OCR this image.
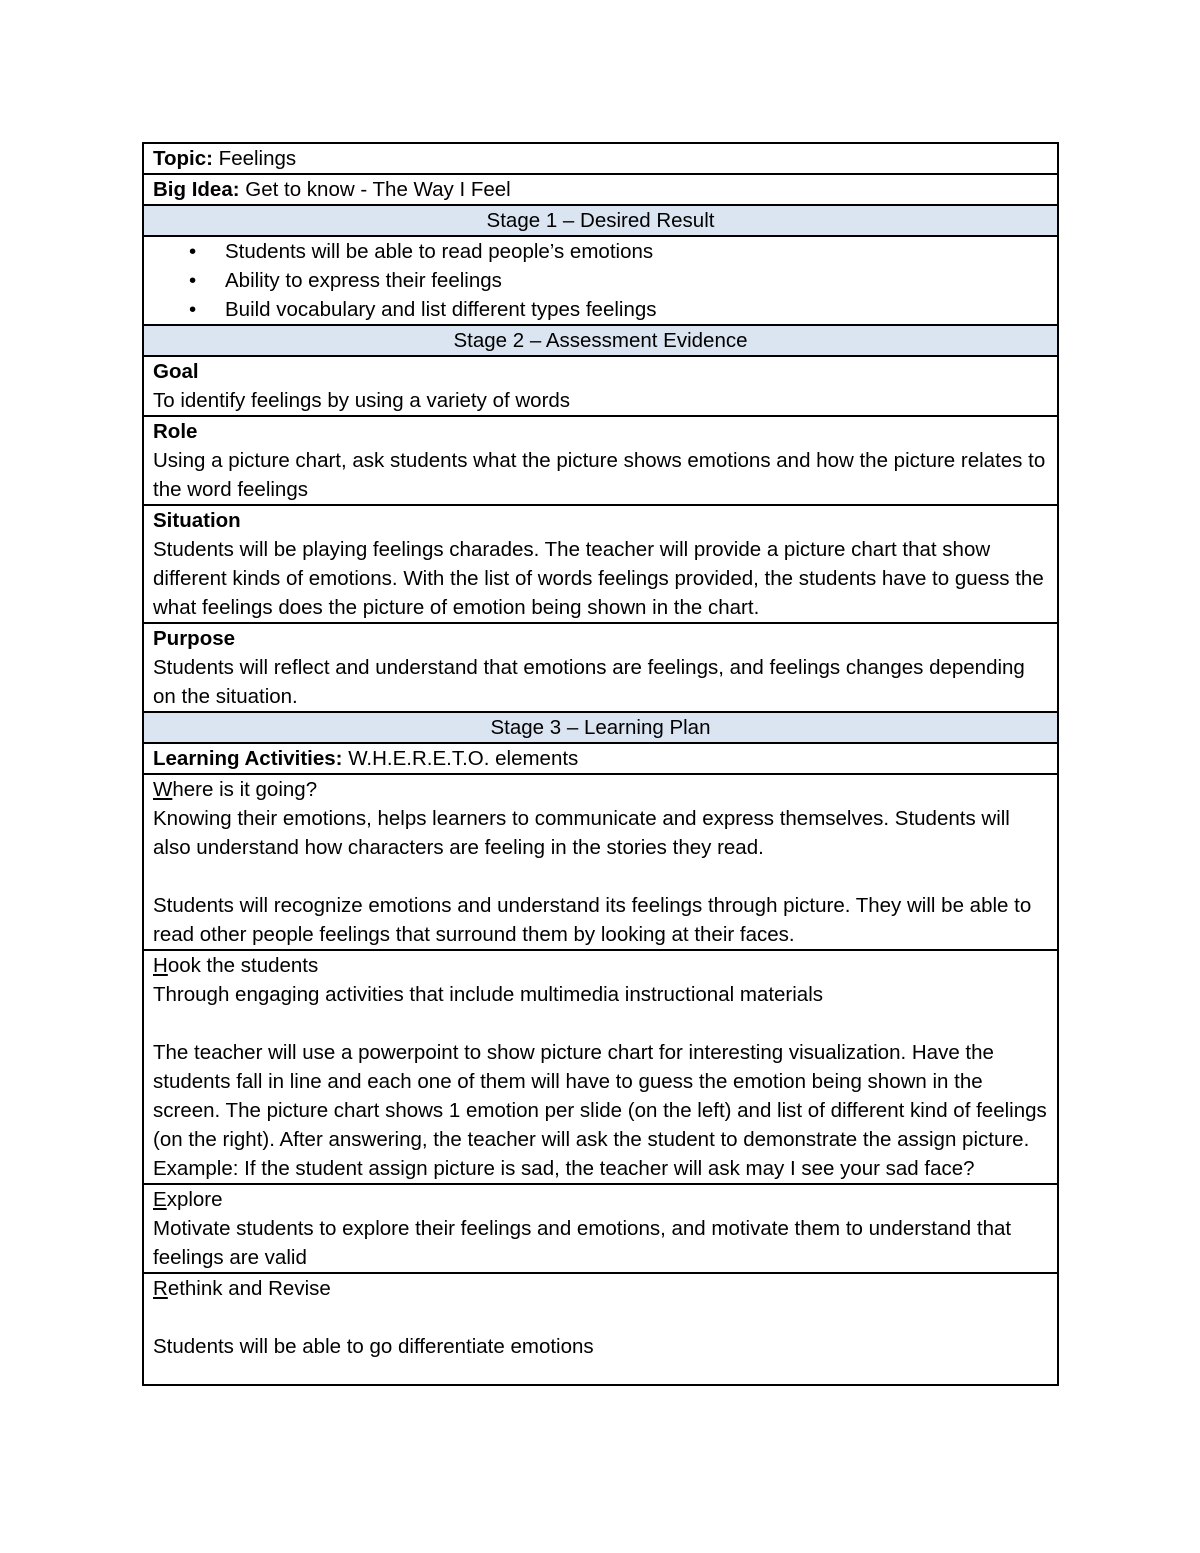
Topic: Feelings
Big Idea: Get to know - The Way I Feel
Stage 1 – Desired Result

• Students will be able to read people’s emotions
• Ability to express their feelings
• Build vocabulary and list different types feelings

Stage 2 – Assessment Evidence

Goal
To identify feelings by using a variety of words

Role
Using a picture chart, ask students what the picture shows emotions and how the picture relates to the word feelings

Situation
Students will be playing feelings charades. The teacher will provide a picture chart that show different kinds of emotions. With the list of words feelings provided, the students have to guess the what feelings does the picture of emotion being shown in the chart.

Purpose
Students will reflect and understand that emotions are feelings, and feelings changes depending on the situation.

Stage 3 – Learning Plan
Learning Activities: W.H.E.R.E.T.O. elements

Where is it going?
Knowing their emotions, helps learners to communicate and express themselves. Students will also understand how characters are feeling in the stories they read.
Students will recognize emotions and understand its feelings through picture. They will be able to read other people feelings that surround them by looking at their faces.

Hook the students
Through engaging activities that include multimedia instructional materials
The teacher will use a powerpoint to show picture chart for interesting visualization. Have the students fall in line and each one of them will have to guess the emotion being shown in the screen. The picture chart shows 1 emotion per slide (on the left) and list of different kind of feelings (on the right). After answering, the teacher will ask the student to demonstrate the assign picture.
Example: If the student assign picture is sad, the teacher will ask may I see your sad face?

Explore
Motivate students to explore their feelings and emotions, and motivate them to understand that feelings are valid

Rethink and Revise
Students will be able to go differentiate emotions
